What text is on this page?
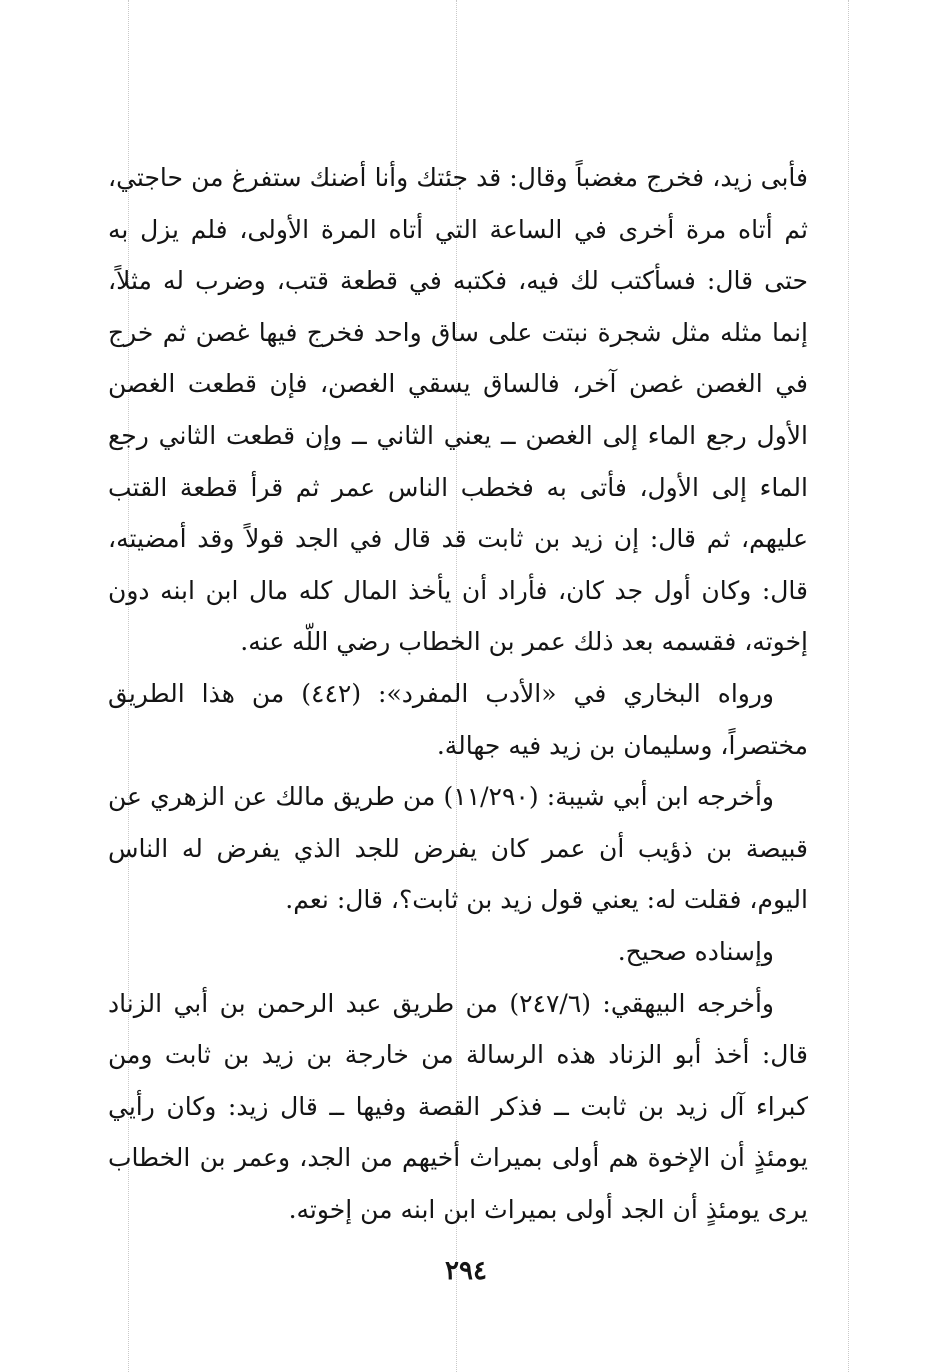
فأبى زيد، فخرج مغضباً وقال: قد جئتك وأنا أضنك ستفرغ من حاجتي، ثم أتاه مرة أخرى في الساعة التي أتاه المرة الأولى، فلم يزل به حتى قال: فسأكتب لك فيه، فكتبه في قطعة قتب، وضرب له مثلاً، إنما مثله مثل شجرة نبتت على ساق واحد فخرج فيها غصن ثم خرج في الغصن غصن آخر، فالساق يسقي الغصن، فإن قطعت الغصن الأول رجع الماء إلى الغصن ــ يعني الثاني ــ وإن قطعت الثاني رجع الماء إلى الأول، فأتى به فخطب الناس عمر ثم قرأ قطعة القتب عليهم، ثم قال: إن زيد بن ثابت قد قال في الجد قولاً وقد أمضيته، قال: وكان أول جد كان، فأراد أن يأخذ المال كله مال ابن ابنه دون إخوته، فقسمه بعد ذلك عمر بن الخطاب رضي اللّه عنه.

ورواه البخاري في «الأدب المفرد»: (٤٤٢) من هذا الطريق مختصراً، وسليمان بن زيد فيه جهالة.

وأخرجه ابن أبي شيبة: (١١/٢٩٠) من طريق مالك عن الزهري عن قبيصة بن ذؤيب أن عمر كان يفرض للجد الذي يفرض له الناس اليوم، فقلت له: يعني قول زيد بن ثابت؟، قال: نعم.

وإسناده صحيح.

وأخرجه البيهقي: (٢٤٧/٦) من طريق عبد الرحمن بن أبي الزناد قال: أخذ أبو الزناد هذه الرسالة من خارجة بن زيد بن ثابت ومن كبراء آل زيد بن ثابت ــ فذكر القصة وفيها ــ قال زيد: وكان رأيي يومئذٍ أن الإخوة هم أولى بميراث أخيهم من الجد، وعمر بن الخطاب يرى يومئذٍ أن الجد أولى بميراث ابن ابنه من إخوته.

٢٩٤
